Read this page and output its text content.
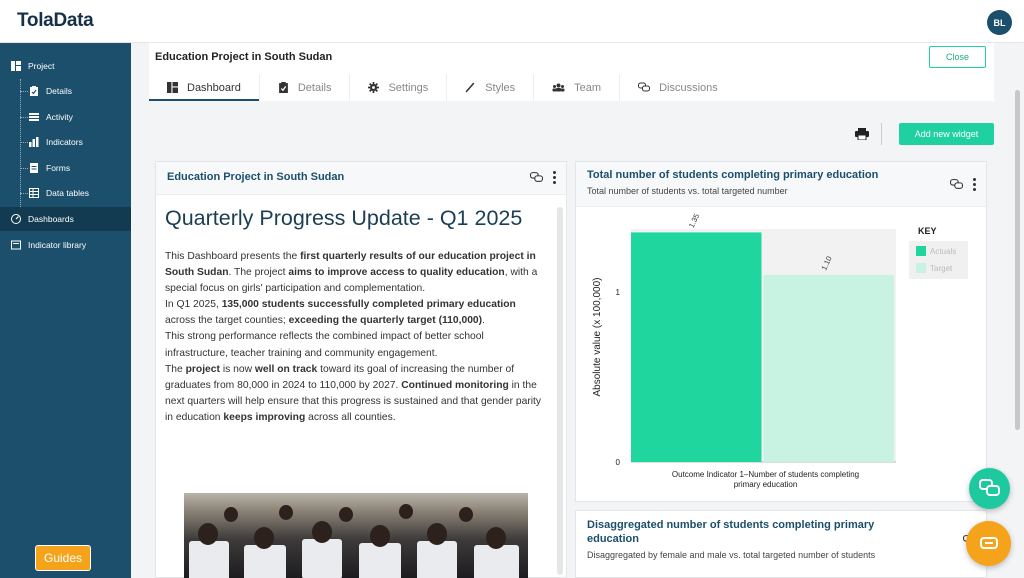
TolaData	BL
Project
Details
Activity
Indicators
Forms
Data tables
Dashboards
Indicator library
Guides
Education Project in South Sudan	Close
Dashboard	Details	Settings	Styles	Team	Discussions
Add new widget
Education Project in South Sudan
Quarterly Progress Update - Q1 2025

This Dashboard presents the first quarterly results of our education project in South Sudan. The project aims to improve access to quality education, with a special focus on girls' participation and complementation.

In Q1 2025, 135,000 students successfully completed primary education across the target counties; exceeding the quarterly target (110,000).

This strong performance reflects the combined impact of better school infrastructure, teacher training and community engagement.

The project is now well on track toward its goal of increasing the number of graduates from 80,000 in 2024 to 110,000 by 2027. Continued monitoring in the next quarters will help ensure that this progress is sustained and that gender parity in education keeps improving across all counties.

Total number of students completing primary education
Total number of students vs. total targeted number
Absolute value (x 100,000)
0
1
1.35
1.10
Outcome Indicator 1–Number of students completing
primary education
KEY
Actuals
Target
Disaggregated number of students completing primary education
Disaggregated by female and male vs. total targeted number of students
